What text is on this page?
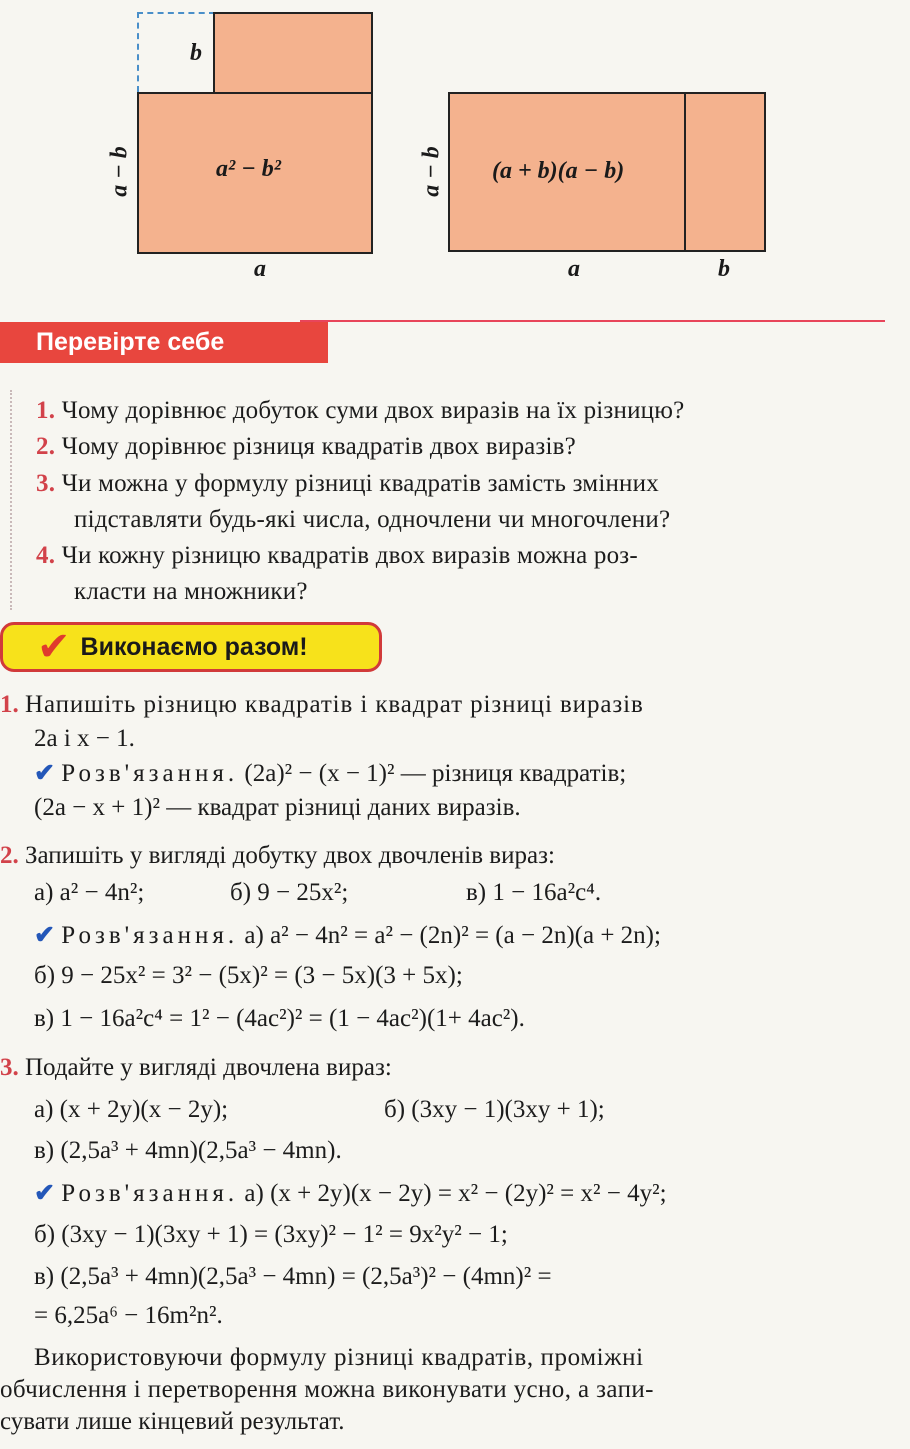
b
a² − b²
a − b
a
(a + b)(a − b)
a − b
a	b
Перевірте себе
1. Чому дорівнює добуток суми двох виразів на їх різницю?
2. Чому дорівнює різниця квадратів двох виразів?
3. Чи можна у формулу різниці квадратів замість змінних
підставляти будь-які числа, одночлени чи многочлени?
4. Чи кожну різницю квадратів двох виразів можна роз-
класти на множники?
✔ Виконаємо разом!
1. Напишіть різницю квадратів і квадрат різниці виразів
2a і x − 1.
✔ Розв'язання. (2a)² − (x − 1)² — різниця квадратів;
(2a − x + 1)² — квадрат різниці даних виразів.
2. Запишіть у вигляді добутку двох двочленів вираз:
а) a² − 4n²;	б) 9 − 25x²;	в) 1 − 16a²c⁴.
✔ Розв'язання. а) a² − 4n² = a² − (2n)² = (a − 2n)(a + 2n);
б) 9 − 25x² = 3² − (5x)² = (3 − 5x)(3 + 5x);
в) 1 − 16a²c⁴ = 1² − (4ac²)² = (1 − 4ac²)(1+ 4ac²).
3. Подайте у вигляді двочлена вираз:
а) (x + 2y)(x − 2y);	б) (3xy − 1)(3xy + 1);
в) (2,5a³ + 4mn)(2,5a³ − 4mn).
✔ Розв'язання. а) (x + 2y)(x − 2y) = x² − (2y)² = x² − 4y²;
б) (3xy − 1)(3xy + 1) = (3xy)² − 1² = 9x²y² − 1;
в) (2,5a³ + 4mn)(2,5a³ − 4mn) = (2,5a³)² − (4mn)² =
= 6,25a⁶ − 16m²n².
Використовуючи формулу різниці квадратів, проміжні
обчислення і перетворення можна виконувати усно, а запи-
сувати лише кінцевий результат.
